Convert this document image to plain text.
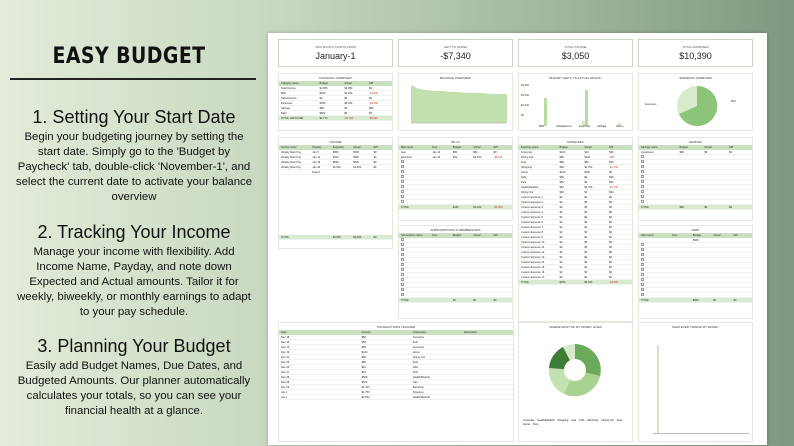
EASY BUDGET
1. Setting Your Start Date

Begin your budgeting journey by setting the start date. Simply go to the 'Budget by Paycheck' tab, double-click 'November-1', and select the current date to activate your balance overview

2. Tracking Your Income

Manage your income with flexibility. Add Income Name, Payday, and note down Expected and Actual amounts. Tailor it for weekly, biweekly, or monthly earnings to adapt to your pay schedule.

3. Planning Your Budget

Easily add Budget Names, Due Dates, and Budgeted Amounts. Our planner automatically calculates your totals, so you can see your financial health at a glance.

THIS MONTH STARTS FROM
January-1
LEFT TO SPEND
-$7,340
TOTAL INCOME
$3,050
TOTAL EXPENSES
$10,390
FINANCIAL OVERVIEW
Category name	Budget	Actual	Diff
Total Income	$3,050	$3,050	$0
Bills	$150	$4,240	-$4,090
Subscriptions	$0	$0	$0
Expenses	$780	$5,430	-$4,650
Savings	$80	$0	$80
Debt	$500	$0	$0
TOTAL LEFTOVER	$1,770	-$7,340	-$9,110
BALANCE OVERVIEW	BUDGET (LEFT) VS ACTUAL (RIGHT)
$6,000
$4,000
$2,000
$0
Bills	Subscriptions	Expenses	Savings	Debt
SPENDING OVERVIEW
Expenses
Bills
INCOME
Income name	Payday	Expected	Actual	Diff
Weekly Main Pay	Jan 5	$800	$500	$0
Weekly Main Pay	Jan 12	$500	$500	$0
Weekly Main Pay	Jan 19	$500	$500	$0
Weekly Main Pay	Jan 26	$1,500	$1,500	$0
Date 3
TOTAL	$3,050	$3,050	$0
BILLS
Bills name	Due	Budget	Actual	Diff
Gas	Jan 12	$80	$80	$0
Electricity	Jan 30	$50	$4,160	-$4,110
TOTAL	$150	$4,240	-$4,090
SUBSCRIPTIONS & MEMBERSHIPS
Subscription name	Due	Budget	Actual	Diff
TOTAL	$0	$0	$0
EXPENSES
Expense name	Budget	Actual	Diff
Groceries	$100	$10	$90
Dining Out	$50	$100	-$50
Fuel	$80	$50	$30
Shopping	$50	$1,750	-$1,700
Home	$100	$100	$0
Gifts	$50	$0	$50
Pets	$50	$0	$50
Health/Medical	$50	$2,750	-$2,700
Dining Out	$50	$0	$50
Custom Expense 1	$0	$0	$0
Custom Expense 2	$0	$0	$0
Custom Expense 3	$0	$0	$0
Custom Expense 4	$0	$0	$0
Custom Expense 5	$0	$0	$0
Custom Expense 6	$0	$0	$0
Custom Expense 7	$0	$0	$0
Custom Expense 8	$0	$0	$0
Custom Expense 9	$0	$0	$0
Custom Expense 10	$0	$0	$0
Custom Expense 11	$0	$0	$0
Custom Expense 12	$0	$0	$0
Custom Expense 13	$0	$0	$0
Custom Expense 14	$0	$0	$0
Custom Expense 15	$0	$0	$0
Custom Expense 16	$0	$0	$0
Custom Expense 17	$0	$0	$0
TOTAL	$780	$5,430	-$4,650
SAVINGS
Savings name	Budget	Actual	Diff
Investment	$80	$0	$0
TOTAL	$80	$0	$0
DEBT
Debt name	Due	Budget	Actual	Diff
$500
TOTAL	$500	$0	$0
TRANSACTIONS TRACKER
Date	Amount	Transaction	Description
Dec 18	$50	Groceries
Dec 19	$50	Fuel
Dec 19	$80	Groceries
Dec 19	$100	Home
Dec 20	$50	Dining Out
Dec 25	$80	Pets
Dec 26	$10	Gifts
Dec 27	$70	Pets
Dec 28	$500	Health/Medical
Dec 28	$500	Gas
Dec 29	$1,160	Electricity
Jan 1	$1,750	Shopping
Jan 1	$2,250	Health/Medical
WHERE MOST OF MY MONEY GOES
Groceries Health/Medical Shopping Gas Gifts Electricity Dining Out Fuel
Home Pets
WHATEVER I SPEND MY MONEY
